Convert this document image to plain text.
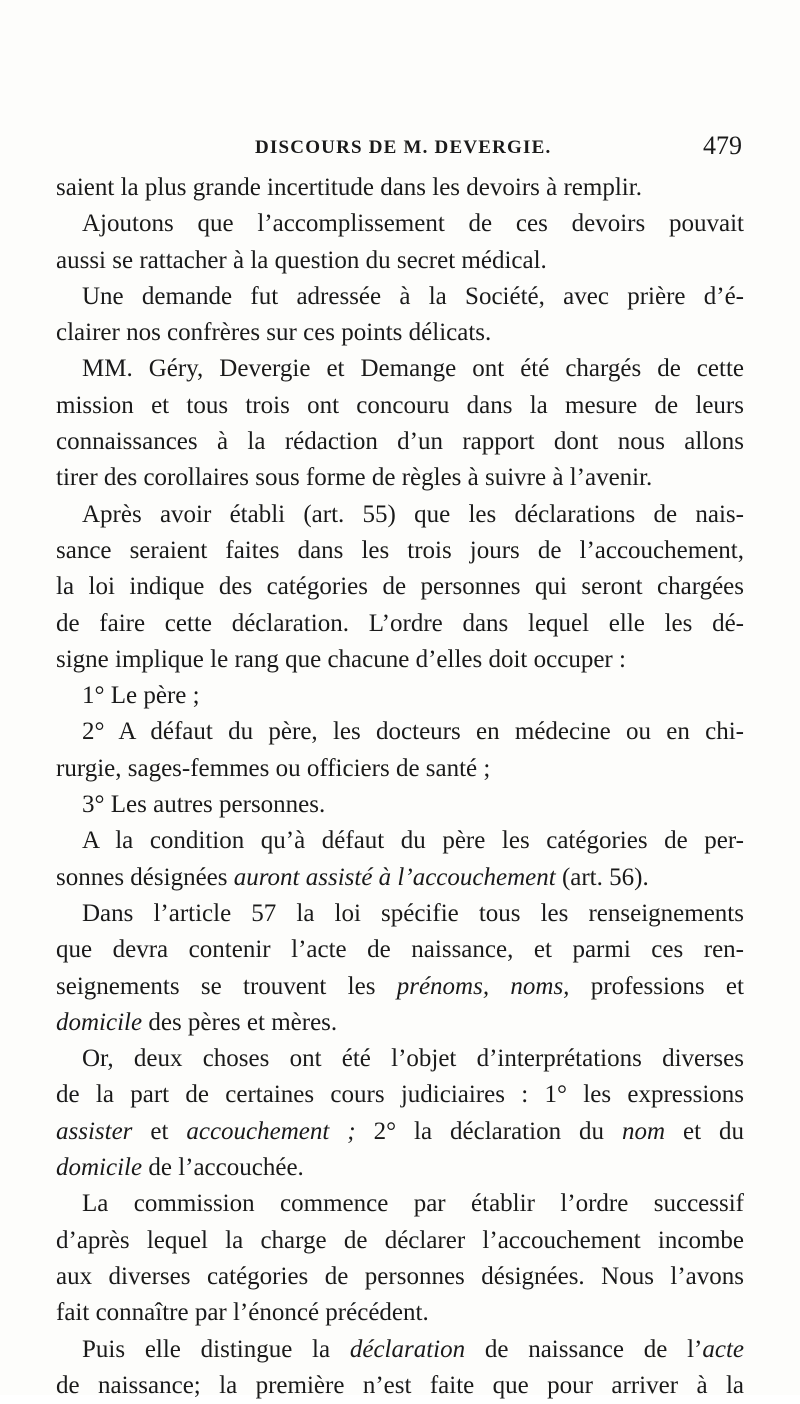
DISCOURS DE M. DEVERGIE.	479
saient la plus grande incertitude dans les devoirs à remplir.
Ajoutons que l’accomplissement de ces devoirs pouvait
aussi se rattacher à la question du secret médical.
Une demande fut adressée à la Société, avec prière d’é-
clairer nos confrères sur ces points délicats.
MM. Géry, Devergie et Demange ont été chargés de cette
mission et tous trois ont concouru dans la mesure de leurs
connaissances à la rédaction d’un rapport dont nous allons
tirer des corollaires sous forme de règles à suivre à l’avenir.
Après avoir établi (art. 55) que les déclarations de nais-
sance seraient faites dans les trois jours de l’accouchement,
la loi indique des catégories de personnes qui seront chargées
de faire cette déclaration. L’ordre dans lequel elle les dé-
signe implique le rang que chacune d’elles doit occuper :
1° Le père ;
2° A défaut du père, les docteurs en médecine ou en chi-
rurgie, sages-femmes ou officiers de santé ;
3° Les autres personnes.
A la condition qu’à défaut du père les catégories de per-
sonnes désignées auront assisté à l’accouchement (art. 56).
Dans l’article 57 la loi spécifie tous les renseignements
que devra contenir l’acte de naissance, et parmi ces ren-
seignements se trouvent les prénoms, noms, professions et
domicile des pères et mères.
Or, deux choses ont été l’objet d’interprétations diverses
de la part de certaines cours judiciaires : 1° les expressions
assister et accouchement ; 2° la déclaration du nom et du
domicile de l’accouchée.
La commission commence par établir l’ordre successif
d’après lequel la charge de déclarer l’accouchement incombe
aux diverses catégories de personnes désignées. Nous l’avons
fait connaître par l’énoncé précédent.
Puis elle distingue la déclaration de naissance de l’acte
de naissance; la première n’est faite que pour arriver à la
